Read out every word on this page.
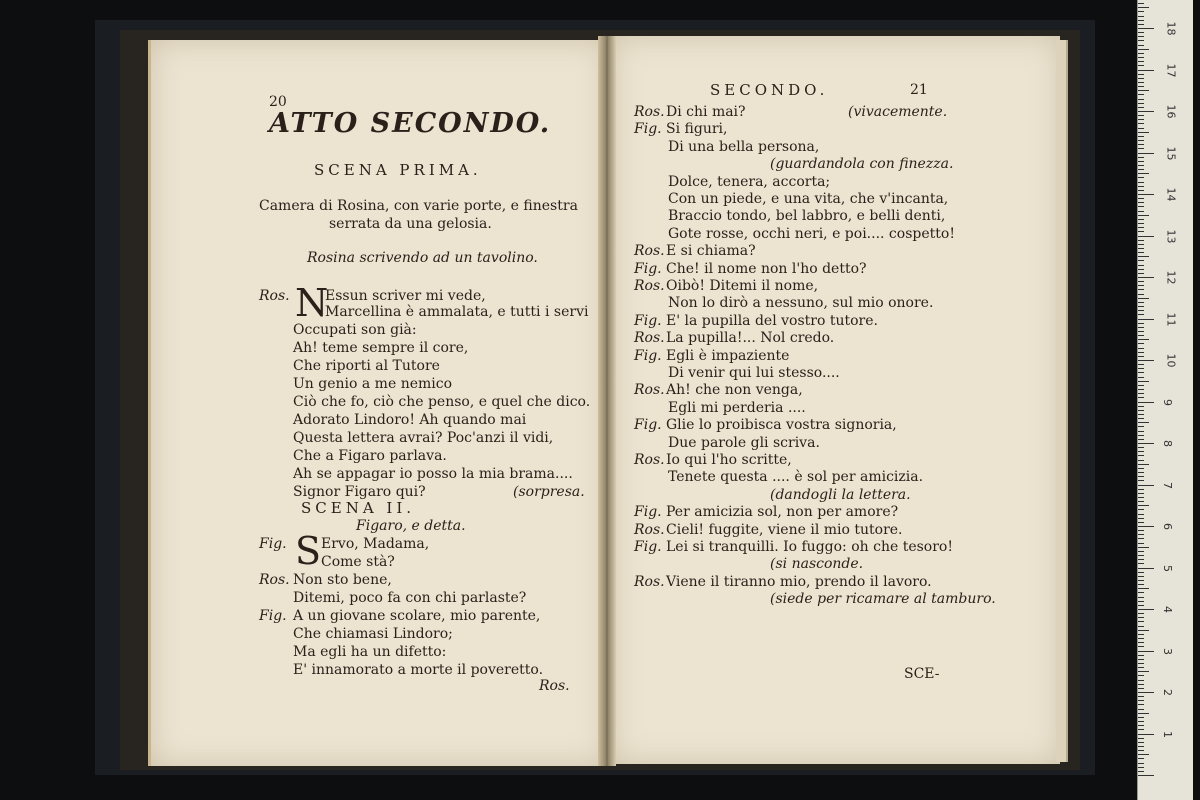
20
ATTO SECONDO.
SCENA PRIMA.
Camera di Rosina, con varie porte, e finestra
serrata da una gelosia.
Rosina scrivendo ad un tavolino.
Ros. N
Essun scriver mi vede,
Marcellina è ammalata, e tutti i servi
Occupati son già:
Ah! teme sempre il core,
Che riporti al Tutore
Un genio a me nemico
Ciò che fo, ciò che penso, e quel che dico.
Adorato Lindoro! Ah quando mai
Questa lettera avrai? Poc'anzi il vidi,
Che a Figaro parlava.
Ah se appagar io posso la mia brama....
Signor Figaro qui?	(sorpresa.
SCENA II.
Figaro, e detta.
Fig. S Ervo, Madama,
Come stà?
Ros. Non sto bene,
Ditemi, poco fa con chi parlaste?
Fig. A un giovane scolare, mio parente,
Che chiamasi Lindoro;
Ma egli ha un difetto:
E' innamorato a morte il poveretto.
Ros.
SECONDO.	21
Ros. Di chi mai?	(vivacemente.
Fig. Si figuri,
Di una bella persona,
(guardandola con finezza.
Dolce, tenera, accorta;
Con un piede, e una vita, che v'incanta,
Braccio tondo, bel labbro, e belli denti,
Gote rosse, occhi neri, e poi.... cospetto!
Ros. E si chiama?
Fig. Che! il nome non l'ho detto?
Ros. Oibò! Ditemi il nome,
Non lo dirò a nessuno, sul mio onore.
Fig. E' la pupilla del vostro tutore.
Ros. La pupilla!... Nol credo.
Fig. Egli è impaziente
Di venir qui lui stesso....
Ros. Ah! che non venga,
Egli mi perderia ....
Fig. Glie lo proibisca vostra signoria,
Due parole gli scriva.
Ros. Io qui l'ho scritte,
Tenete questa .... è sol per amicizia.
(dandogli la lettera.
Fig. Per amicizia sol, non per amore?
Ros. Cieli! fuggite, viene il mio tutore.
Fig. Lei si tranquilli. Io fuggo: oh che tesoro!
(si nasconde.
Ros. Viene il tiranno mio, prendo il lavoro.
(siede per ricamare al tamburo.
SCE-
1
2
3
4
5
6
7
8
9
10
11
12
13
14
15
16
17
18
